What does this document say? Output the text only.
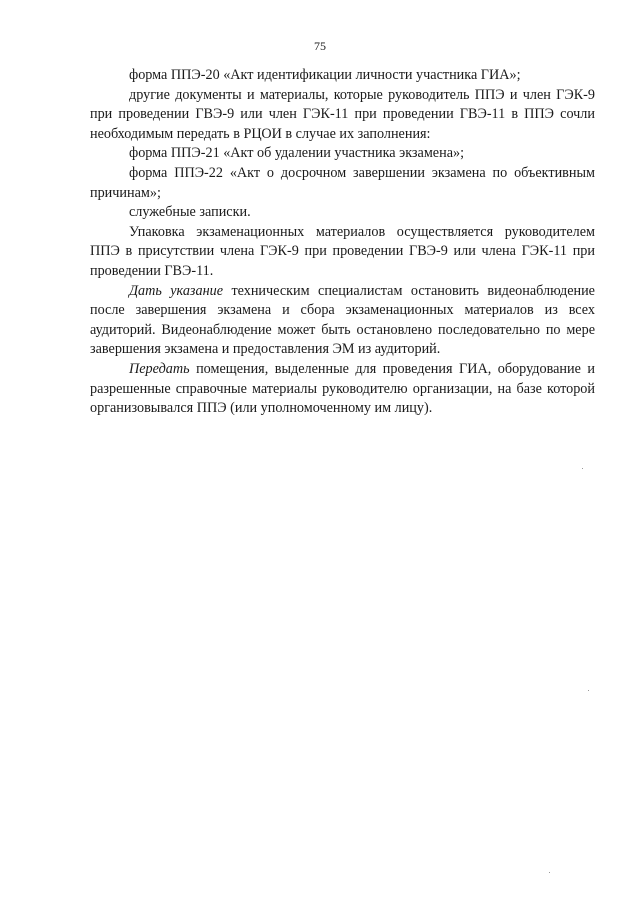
75

форма ППЭ-20 «Акт идентификации личности участника ГИА»;

другие документы и материалы, которые руководитель ППЭ и член ГЭК-9 при проведении ГВЭ-9 или член ГЭК-11 при проведении ГВЭ-11 в ППЭ сочли необходимым передать в РЦОИ в случае их заполнения:

форма ППЭ-21 «Акт об удалении участника экзамена»;

форма ППЭ-22 «Акт о досрочном завершении экзамена по объективным причинам»;

служебные записки.

Упаковка экзаменационных материалов осуществляется руководителем ППЭ в присутствии члена ГЭК-9 при проведении ГВЭ-9 или члена ГЭК-11 при проведении ГВЭ-11.

Дать указание техническим специалистам остановить видеонаблюдение после завершения экзамена и сбора экзаменационных материалов из всех аудиторий. Видеонаблюдение может быть остановлено последовательно по мере завершения экзамена и предоставления ЭМ из аудиторий.

Передать помещения, выделенные для проведения ГИА, оборудование и разрешенные справочные материалы руководителю организации, на базе которой организовывался ППЭ (или уполномоченному им лицу).
